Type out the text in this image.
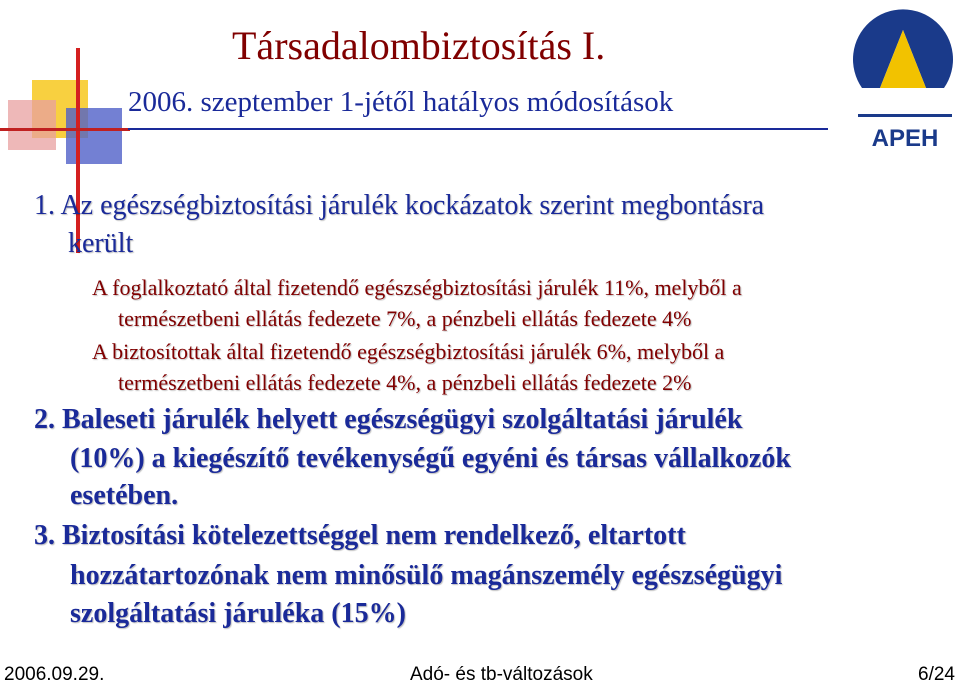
Társadalombiztosítás I.
2006. szeptember 1-jétől hatályos módosítások
APEH
1. Az egészségbiztosítási járulék kockázatok szerint megbontásra
került
A foglalkoztató által fizetendő egészségbiztosítási járulék 11%, melyből a
természetbeni ellátás fedezete 7%, a pénzbeli ellátás fedezete 4%
A biztosítottak által fizetendő egészségbiztosítási járulék 6%, melyből a
természetbeni ellátás fedezete 4%, a pénzbeli ellátás fedezete 2%
2. Baleseti járulék helyett egészségügyi szolgáltatási járulék
(10%) a kiegészítő tevékenységű egyéni és társas vállalkozók
esetében.
3. Biztosítási kötelezettséggel nem rendelkező, eltartott
hozzátartozónak nem minősülő magánszemély egészségügyi
szolgáltatási járuléka (15%)
2006.09.29.	Adó- és tb-változások	6/24
